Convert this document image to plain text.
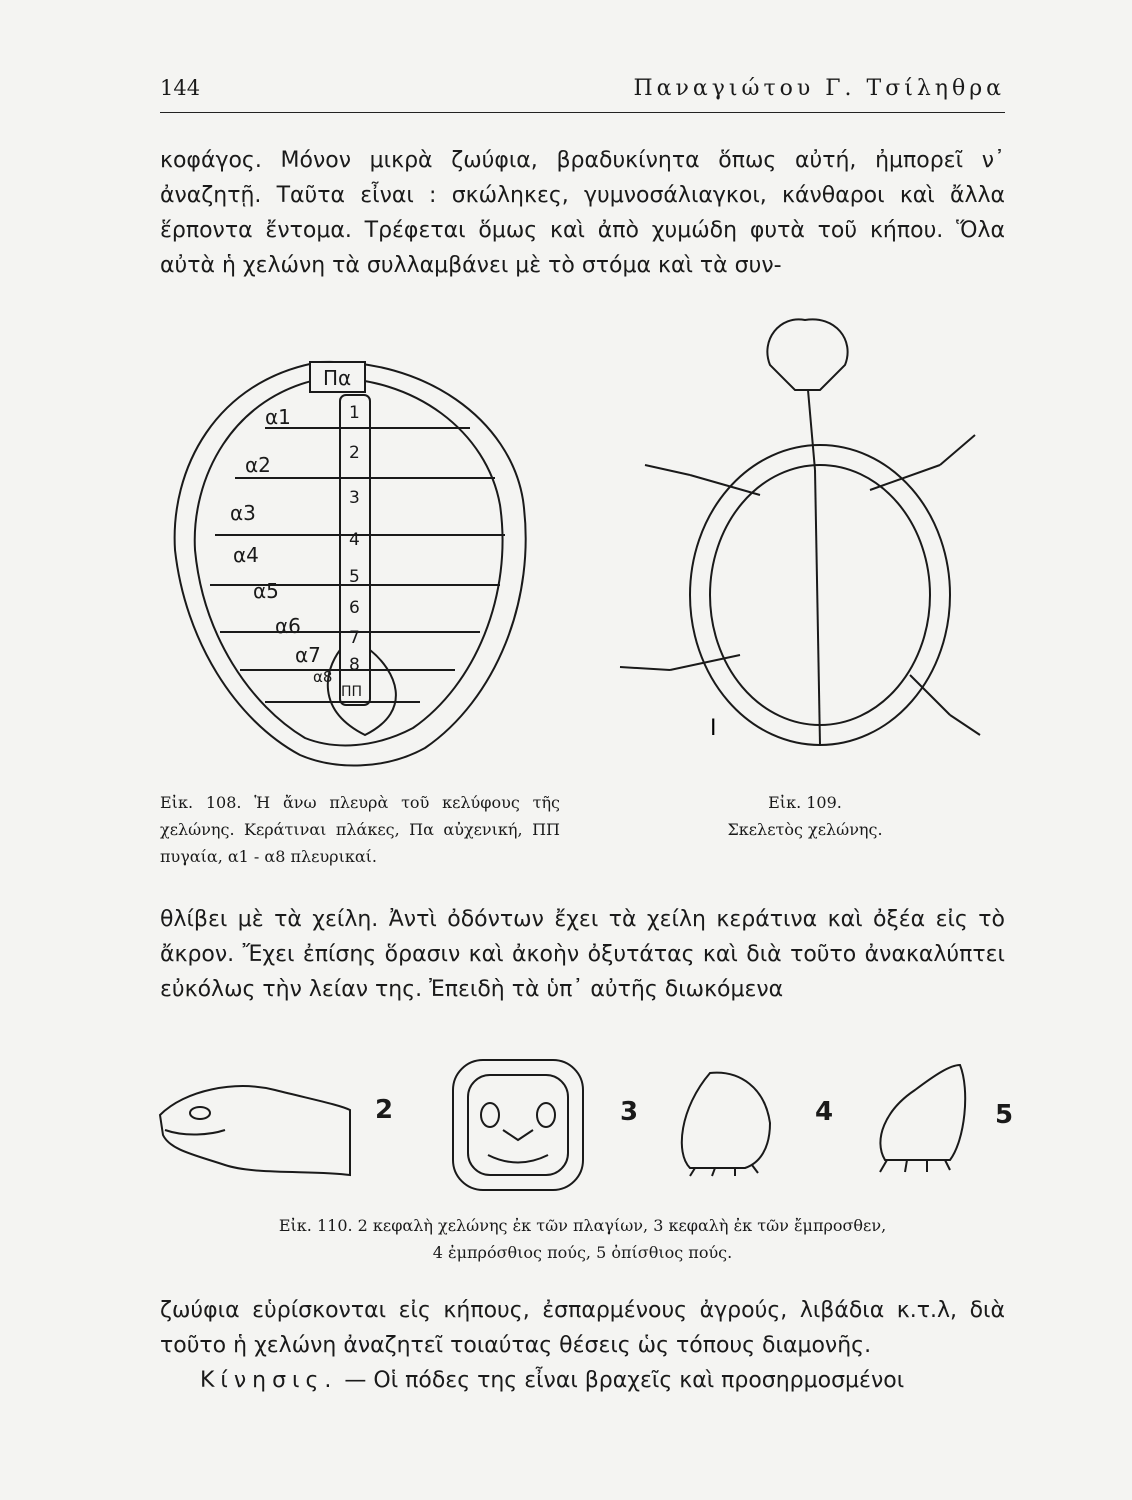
144	Παναγιώτου Γ. Τσίληθρα

κοφάγος. Μόνον μικρὰ ζωύφια, βραδυκίνητα ὅπως αὐτή, ἠμπορεῖ ν᾽ ἀναζητῇ. Ταῦτα εἶναι : σκώληκες, γυμνοσάλιαγκοι, κάνθαροι καὶ ἄλλα ἕρποντα ἔντομα. Τρέφεται ὅμως καὶ ἀπὸ χυμώδη φυτὰ τοῦ κήπου. Ὅλα αὐτὰ ἡ χελώνη τὰ συλλαμβάνει μὲ τὸ στόμα καὶ τὰ συν-

Πα
ΠΠ
α1
α2
α3
α4
α5
α6
α7
α8
1
2
3
4
5
6
7
8
I
Εἰκ. 108. Ἡ ἄνω πλευρὰ τοῦ κελύφους τῆς χελώνης. Κεράτιναι πλάκες, Πα αὐχενική, ΠΠ πυγαία, α1 - α8 πλευρικαί.
Εἰκ. 109.
Σκελετὸς χελώνης.

θλίβει μὲ τὰ χείλη. Ἀντὶ ὀδόντων ἔχει τὰ χείλη κεράτινα καὶ ὀξέα εἰς τὸ ἄκρον. Ἔχει ἐπίσης ὅρασιν καὶ ἀκοὴν ὀξυτάτας καὶ διὰ τοῦτο ἀνακαλύπτει εὐκόλως τὴν λείαν της. Ἐπειδὴ τὰ ὑπ᾽ αὐτῆς διωκόμενα

2	3	4	5
Εἰκ. 110. 2 κεφαλὴ χελώνης ἐκ τῶν πλαγίων, 3 κεφαλὴ ἐκ τῶν ἔμπροσθεν,
4 ἐμπρόσθιος πούς, 5 ὀπίσθιος πούς.

ζωύφια εὑρίσκονται εἰς κήπους, ἐσπαρμένους ἀγρούς, λιβάδια κ.τ.λ, διὰ τοῦτο ἡ χελώνη ἀναζητεῖ τοιαύτας θέσεις ὡς τόπους διαμονῆς.

Κίνησις. — Οἱ πόδες της εἶναι βραχεῖς καὶ προσηρμοσμένοι
